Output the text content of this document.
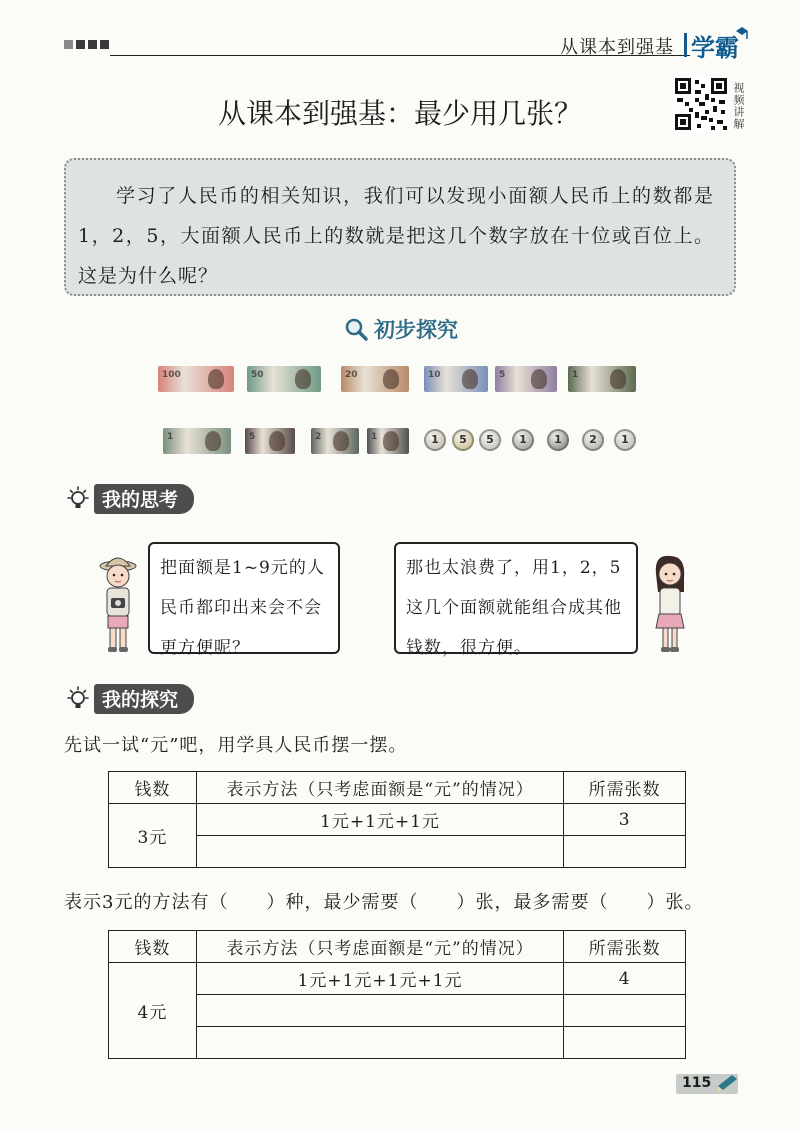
从课本到强基 学霸
从课本到强基：最少用几张？	视频讲解
学习了人民币的相关知识，我们可以发现小面额人民币上的数都是1，2，5，大面额人民币上的数就是把这几个数字放在十位或百位上。这是为什么呢？
初步探究
100	50	20	10	5	1
1	5	2	1	1	5	5	1	1	2	1
我的思考
把面额是1~9元的人民币都印出来会不会更方便呢？
那也太浪费了，用1，2，5这几个面额就能组合成其他钱数，很方便。
我的探究
先试一试“元”吧，用学具人民币摆一摆。
钱数	表示方法（只考虑面额是“元”的情况）	所需张数
3元	1元+1元+1元	3

表示3元的方法有（　　）种，最少需要（　　）张，最多需要（　　）张。
钱数	表示方法（只考虑面额是“元”的情况）	所需张数
4元	1元+1元+1元+1元	4

115
